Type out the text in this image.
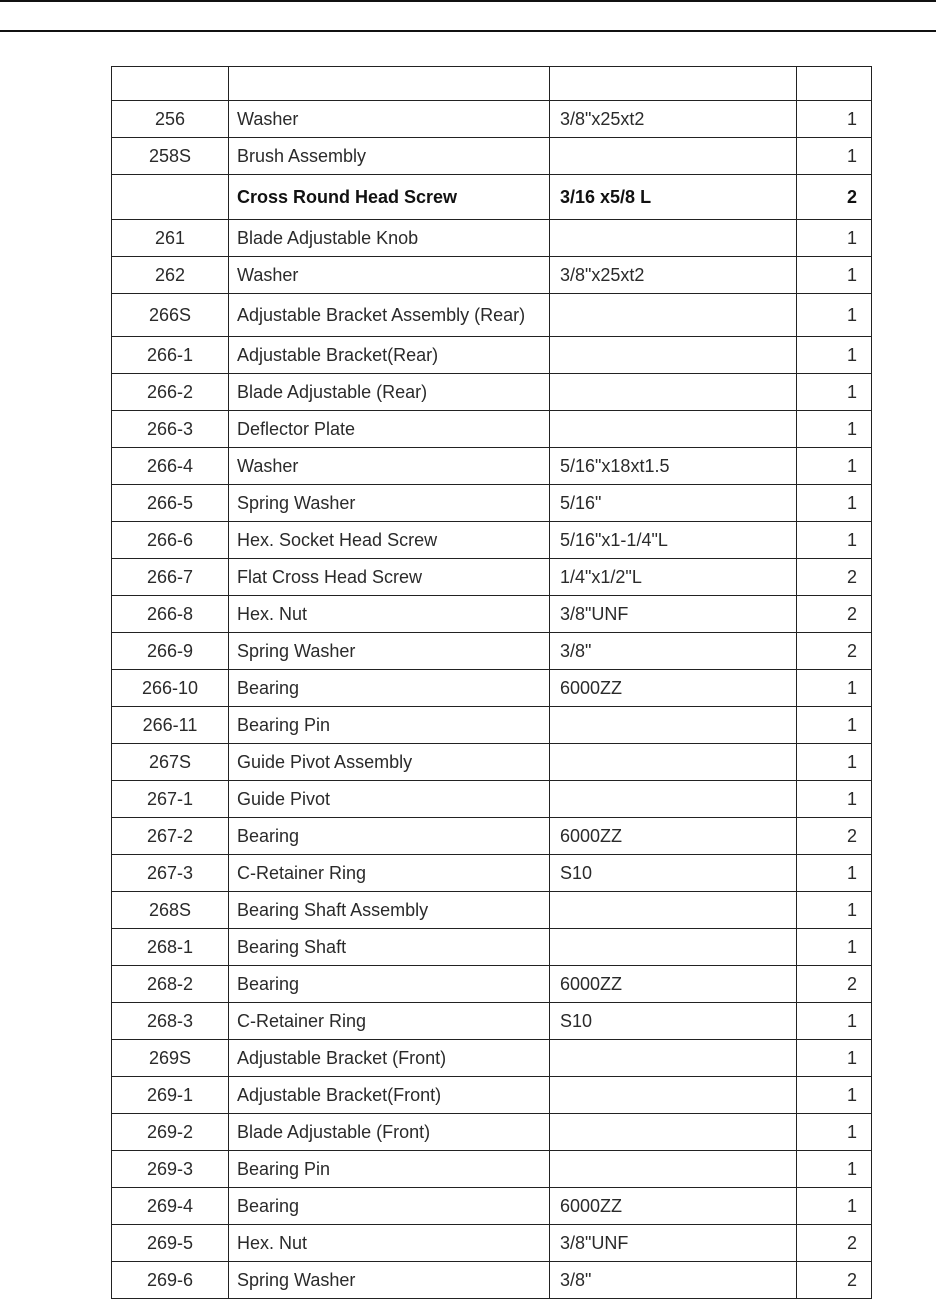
256	Washer	3/8"x25xt2	1
258S	Brush Assembly		1
	Cross Round Head Screw	3/16 x5/8 L	2
261	Blade Adjustable Knob		1
262	Washer	3/8"x25xt2	1
266S	Adjustable Bracket Assembly (Rear)		1
266-1	Adjustable Bracket(Rear)		1
266-2	Blade Adjustable (Rear)		1
266-3	Deflector Plate		1
266-4	Washer	5/16"x18xt1.5	1
266-5	Spring Washer	5/16"	1
266-6	Hex. Socket Head Screw	5/16"x1-1/4"L	1
266-7	Flat Cross Head Screw	1/4"x1/2"L	2
266-8	Hex. Nut	3/8"UNF	2
266-9	Spring Washer	3/8"	2
266-10	Bearing	6000ZZ	1
266-11	Bearing Pin		1
267S	Guide Pivot Assembly		1
267-1	Guide Pivot		1
267-2	Bearing	6000ZZ	2
267-3	C-Retainer Ring	S10	1
268S	Bearing Shaft Assembly		1
268-1	Bearing Shaft		1
268-2	Bearing	6000ZZ	2
268-3	C-Retainer Ring	S10	1
269S	Adjustable Bracket (Front)		1
269-1	Adjustable Bracket(Front)		1
269-2	Blade Adjustable (Front)		1
269-3	Bearing Pin		1
269-4	Bearing	6000ZZ	1
269-5	Hex. Nut	3/8"UNF	2
269-6	Spring Washer	3/8"	2
